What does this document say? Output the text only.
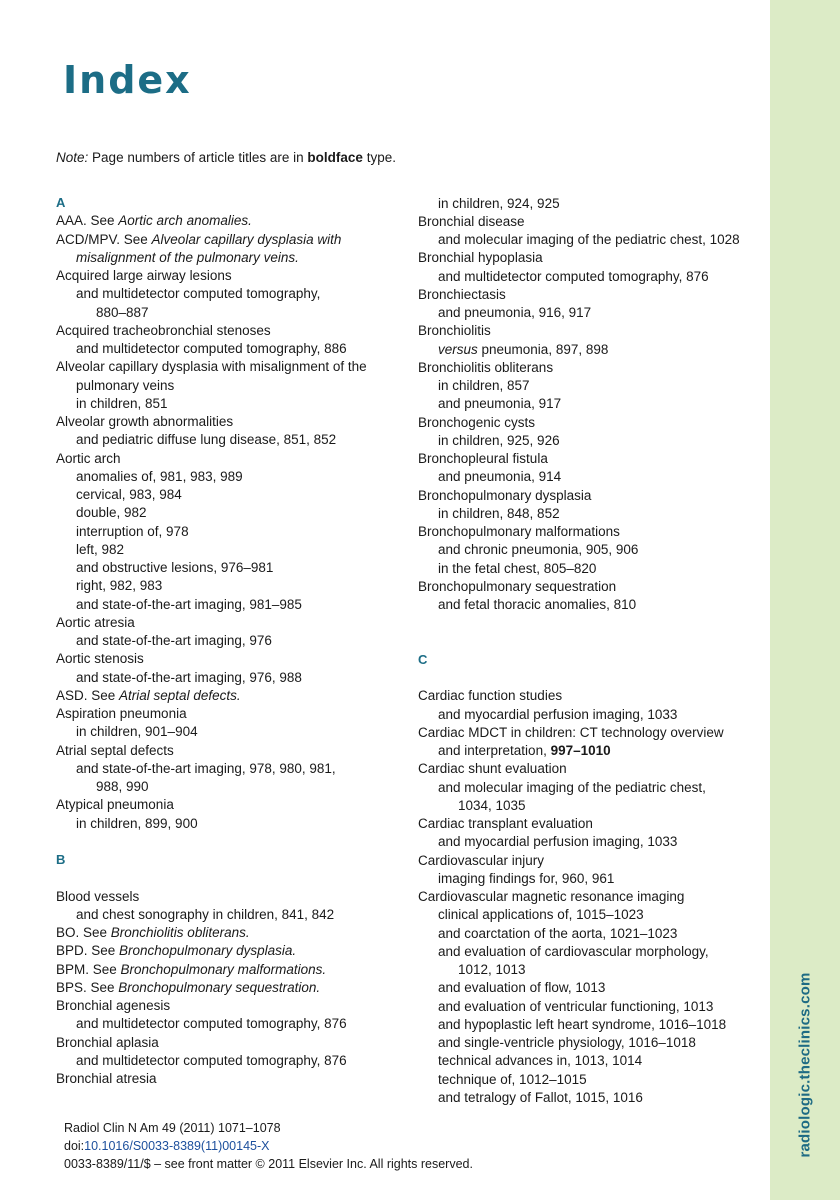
radiologic.theclinics.com
Index
Note: Page numbers of article titles are in boldface type.
A
AAA. See Aortic arch anomalies.
ACD/MPV. See Alveolar capillary dysplasia with
misalignment of the pulmonary veins.
Acquired large airway lesions
and multidetector computed tomography,
880–887
Acquired tracheobronchial stenoses
and multidetector computed tomography, 886
Alveolar capillary dysplasia with misalignment of the
pulmonary veins
in children, 851
Alveolar growth abnormalities
and pediatric diffuse lung disease, 851, 852
Aortic arch
anomalies of, 981, 983, 989
cervical, 983, 984
double, 982
interruption of, 978
left, 982
and obstructive lesions, 976–981
right, 982, 983
and state-of-the-art imaging, 981–985
Aortic atresia
and state-of-the-art imaging, 976
Aortic stenosis
and state-of-the-art imaging, 976, 988
ASD. See Atrial septal defects.
Aspiration pneumonia
in children, 901–904
Atrial septal defects
and state-of-the-art imaging, 978, 980, 981,
988, 990
Atypical pneumonia
in children, 899, 900
B
Blood vessels
and chest sonography in children, 841, 842
BO. See Bronchiolitis obliterans.
BPD. See Bronchopulmonary dysplasia.
BPM. See Bronchopulmonary malformations.
BPS. See Bronchopulmonary sequestration.
Bronchial agenesis
and multidetector computed tomography, 876
Bronchial aplasia
and multidetector computed tomography, 876
Bronchial atresia
in children, 924, 925
Bronchial disease
and molecular imaging of the pediatric chest, 1028
Bronchial hypoplasia
and multidetector computed tomography, 876
Bronchiectasis
and pneumonia, 916, 917
Bronchiolitis
versus pneumonia, 897, 898
Bronchiolitis obliterans
in children, 857
and pneumonia, 917
Bronchogenic cysts
in children, 925, 926
Bronchopleural fistula
and pneumonia, 914
Bronchopulmonary dysplasia
in children, 848, 852
Bronchopulmonary malformations
and chronic pneumonia, 905, 906
in the fetal chest, 805–820
Bronchopulmonary sequestration
and fetal thoracic anomalies, 810
C
Cardiac function studies
and myocardial perfusion imaging, 1033
Cardiac MDCT in children: CT technology overview
and interpretation, 997–1010
Cardiac shunt evaluation
and molecular imaging of the pediatric chest,
1034, 1035
Cardiac transplant evaluation
and myocardial perfusion imaging, 1033
Cardiovascular injury
imaging findings for, 960, 961
Cardiovascular magnetic resonance imaging
clinical applications of, 1015–1023
and coarctation of the aorta, 1021–1023
and evaluation of cardiovascular morphology,
1012, 1013
and evaluation of flow, 1013
and evaluation of ventricular functioning, 1013
and hypoplastic left heart syndrome, 1016–1018
and single-ventricle physiology, 1016–1018
technical advances in, 1013, 1014
technique of, 1012–1015
and tetralogy of Fallot, 1015, 1016
Radiol Clin N Am 49 (2011) 1071–1078
doi:10.1016/S0033-8389(11)00145-X
0033-8389/11/$ – see front matter © 2011 Elsevier Inc. All rights reserved.
